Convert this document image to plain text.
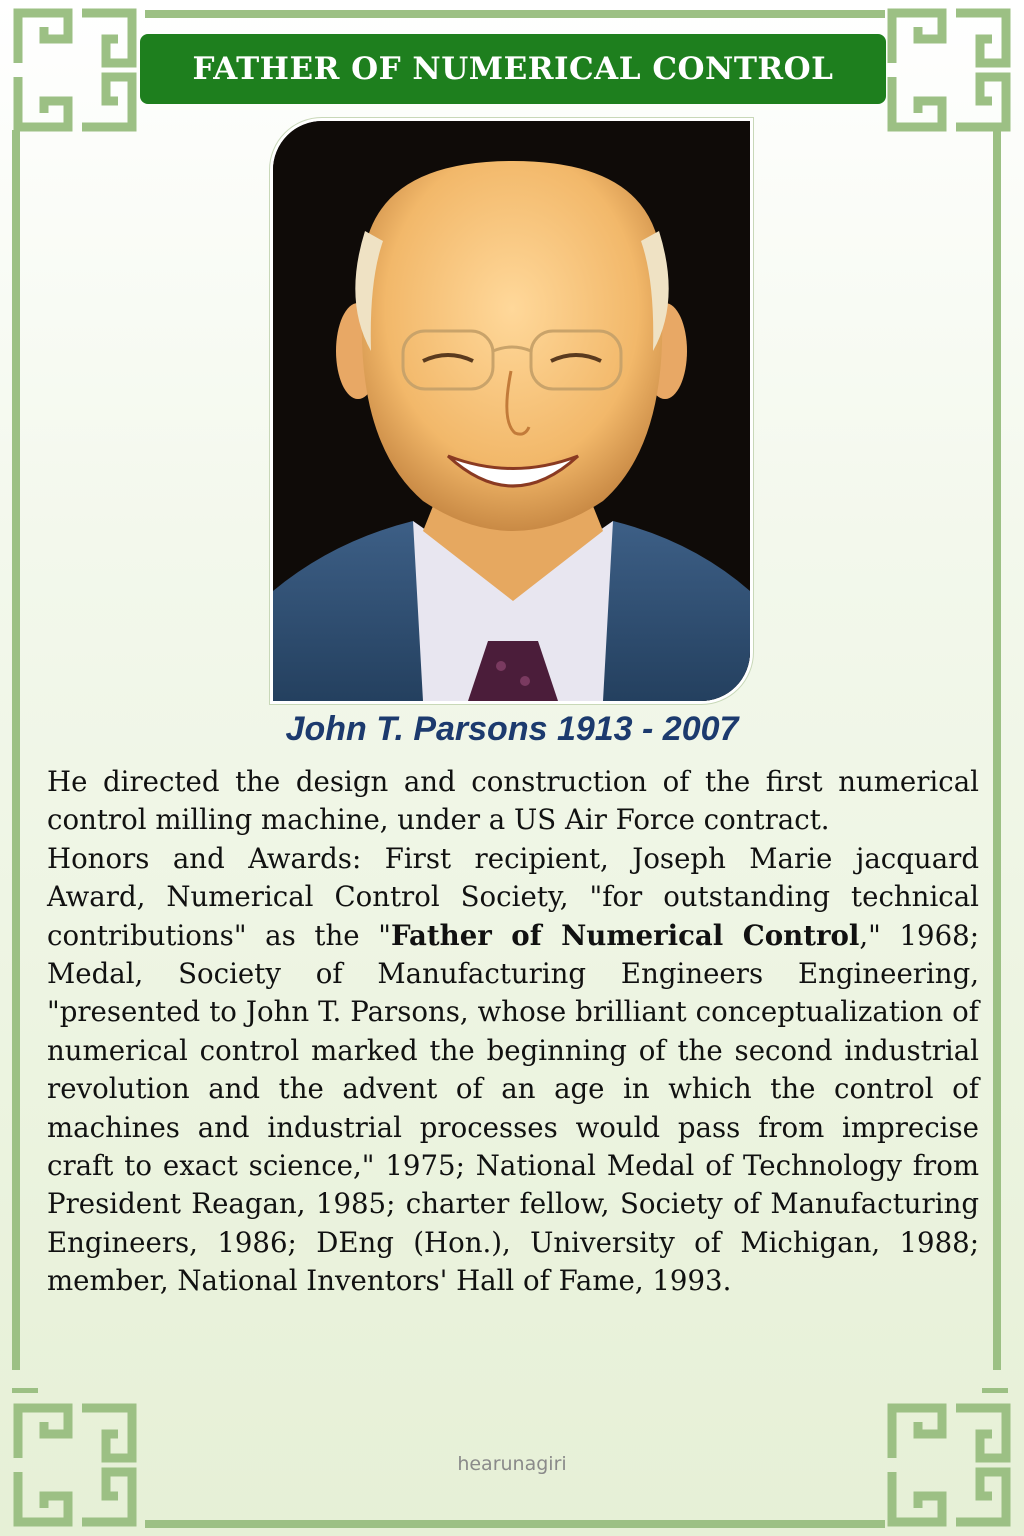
FATHER OF NUMERICAL CONTROL
John T. Parsons 1913 - 2007

He directed the design and construction of the first numerical control milling machine, under a US Air Force contract.

Honors and Awards: First recipient, Joseph Marie jacquard Award, Numerical Control Society, "for outstanding technical contributions" as the "Father of Numerical Control," 1968; Medal, Society of Manufacturing Engineers Engineering, "presented to John T. Parsons, whose brilliant conceptualization of numerical control marked the beginning of the second industrial revolution and the advent of an age in which the control of machines and industrial processes would pass from imprecise craft to exact science," 1975; National Medal of Technology from President Reagan, 1985; charter fellow, Society of Manufacturing Engineers, 1986; DEng (Hon.), University of Michigan, 1988; member, National Inventors' Hall of Fame, 1993.

hearunagiri
